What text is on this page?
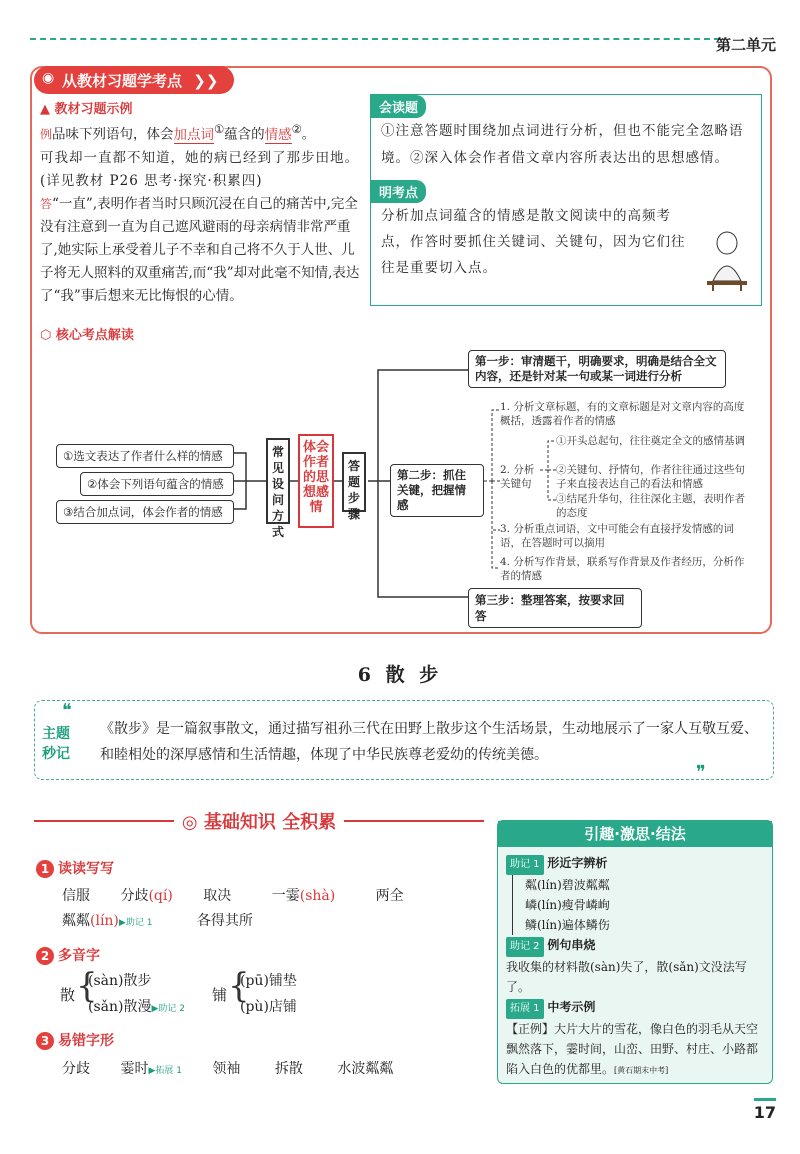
第二单元
◉ 从教材习题学考点 ❯❯
▲ 教材习题示例
例品味下列语句，体会加点词①蕴含的情感②。
可我却一直都不知道，她的病已经到了那步田地。(详见教材 P26 思考·探究·积累四)
答“一直”,表明作者当时只顾沉浸在自己的痛苦中,完全没有注意到一直为自己遮风避雨的母亲病情非常严重了,她实际上承受着儿子不幸和自己将不久于人世、儿子将无人照料的双重痛苦,而“我”却对此毫不知情,表达了“我”事后想来无比悔恨的心情。
会读题
①注意答题时围绕加点词进行分析，但也不能完全忽略语境。②深入体会作者借文章内容所表达出的思想感情。
明考点
分析加点词蕴含的情感是散文阅读中的高频考点，作答时要抓住关键词、关键句，因为它们往往是重要切入点。
⬡ 核心考点解读
①选文表达了作者什么样的情感
②体会下列语句蕴含的情感
③结合加点词，体会作者的情感
常见设问方式
体会作者的思想感情
答题步骤
第一步：审清题干，明确要求，明确是结合全文内容，还是针对某一句或某一词进行分析
第二步：抓住关键，把握情感
第三步：整理答案，按要求回答
1. 分析文章标题，有的文章标题是对文章内容的高度概括，透露着作者的情感
2. 分析关键句
①开头总起句，往往奠定全文的感情基调
②关键句、抒情句，作者往往通过这些句子来直接表达自己的看法和情感
③结尾升华句，往往深化主题，表明作者的态度
3. 分析重点词语，文中可能会有直接抒发情感的词语，在答题时可以摘用
4. 分析写作背景，联系写作背景及作者经历，分析作者的情感
6 散 步
❝
主题秒记
《散步》是一篇叙事散文，通过描写祖孙三代在田野上散步这个生活场景，生动地展示了一家人互敬互爱、和睦相处的深厚感情和生活情趣，体现了中华民族尊老爱幼的传统美德。
❞
◎ 基础知识 全积累
1 读读写写
信服 分歧(qí) 取决	一霎(shà)	两全
粼粼(lín)▶助记 1	各得其所
2 多音字
散 {
(sàn)散步
(sǎn)散漫▶助记 2
铺 {
(pū)铺垫
(pù)店铺
3 易错字形
分歧 霎时▶拓展 1 领袖 拆散 水波粼粼
引趣·激思·结法
助记 1 形近字辨析
粼(lín)碧波粼粼
嶙(lín)瘦骨嶙峋
鳞(lín)遍体鳞伤
助记 2 例句串烧
我收集的材料散(sàn)失了，散(sǎn)文没法写了。
拓展 1 中考示例
【正例】大片大片的雪花，像白色的羽毛从天空飘然落下，霎时间，山峦、田野、村庄、小路都陷入白色的优都里。[黄石期末中考]
17
